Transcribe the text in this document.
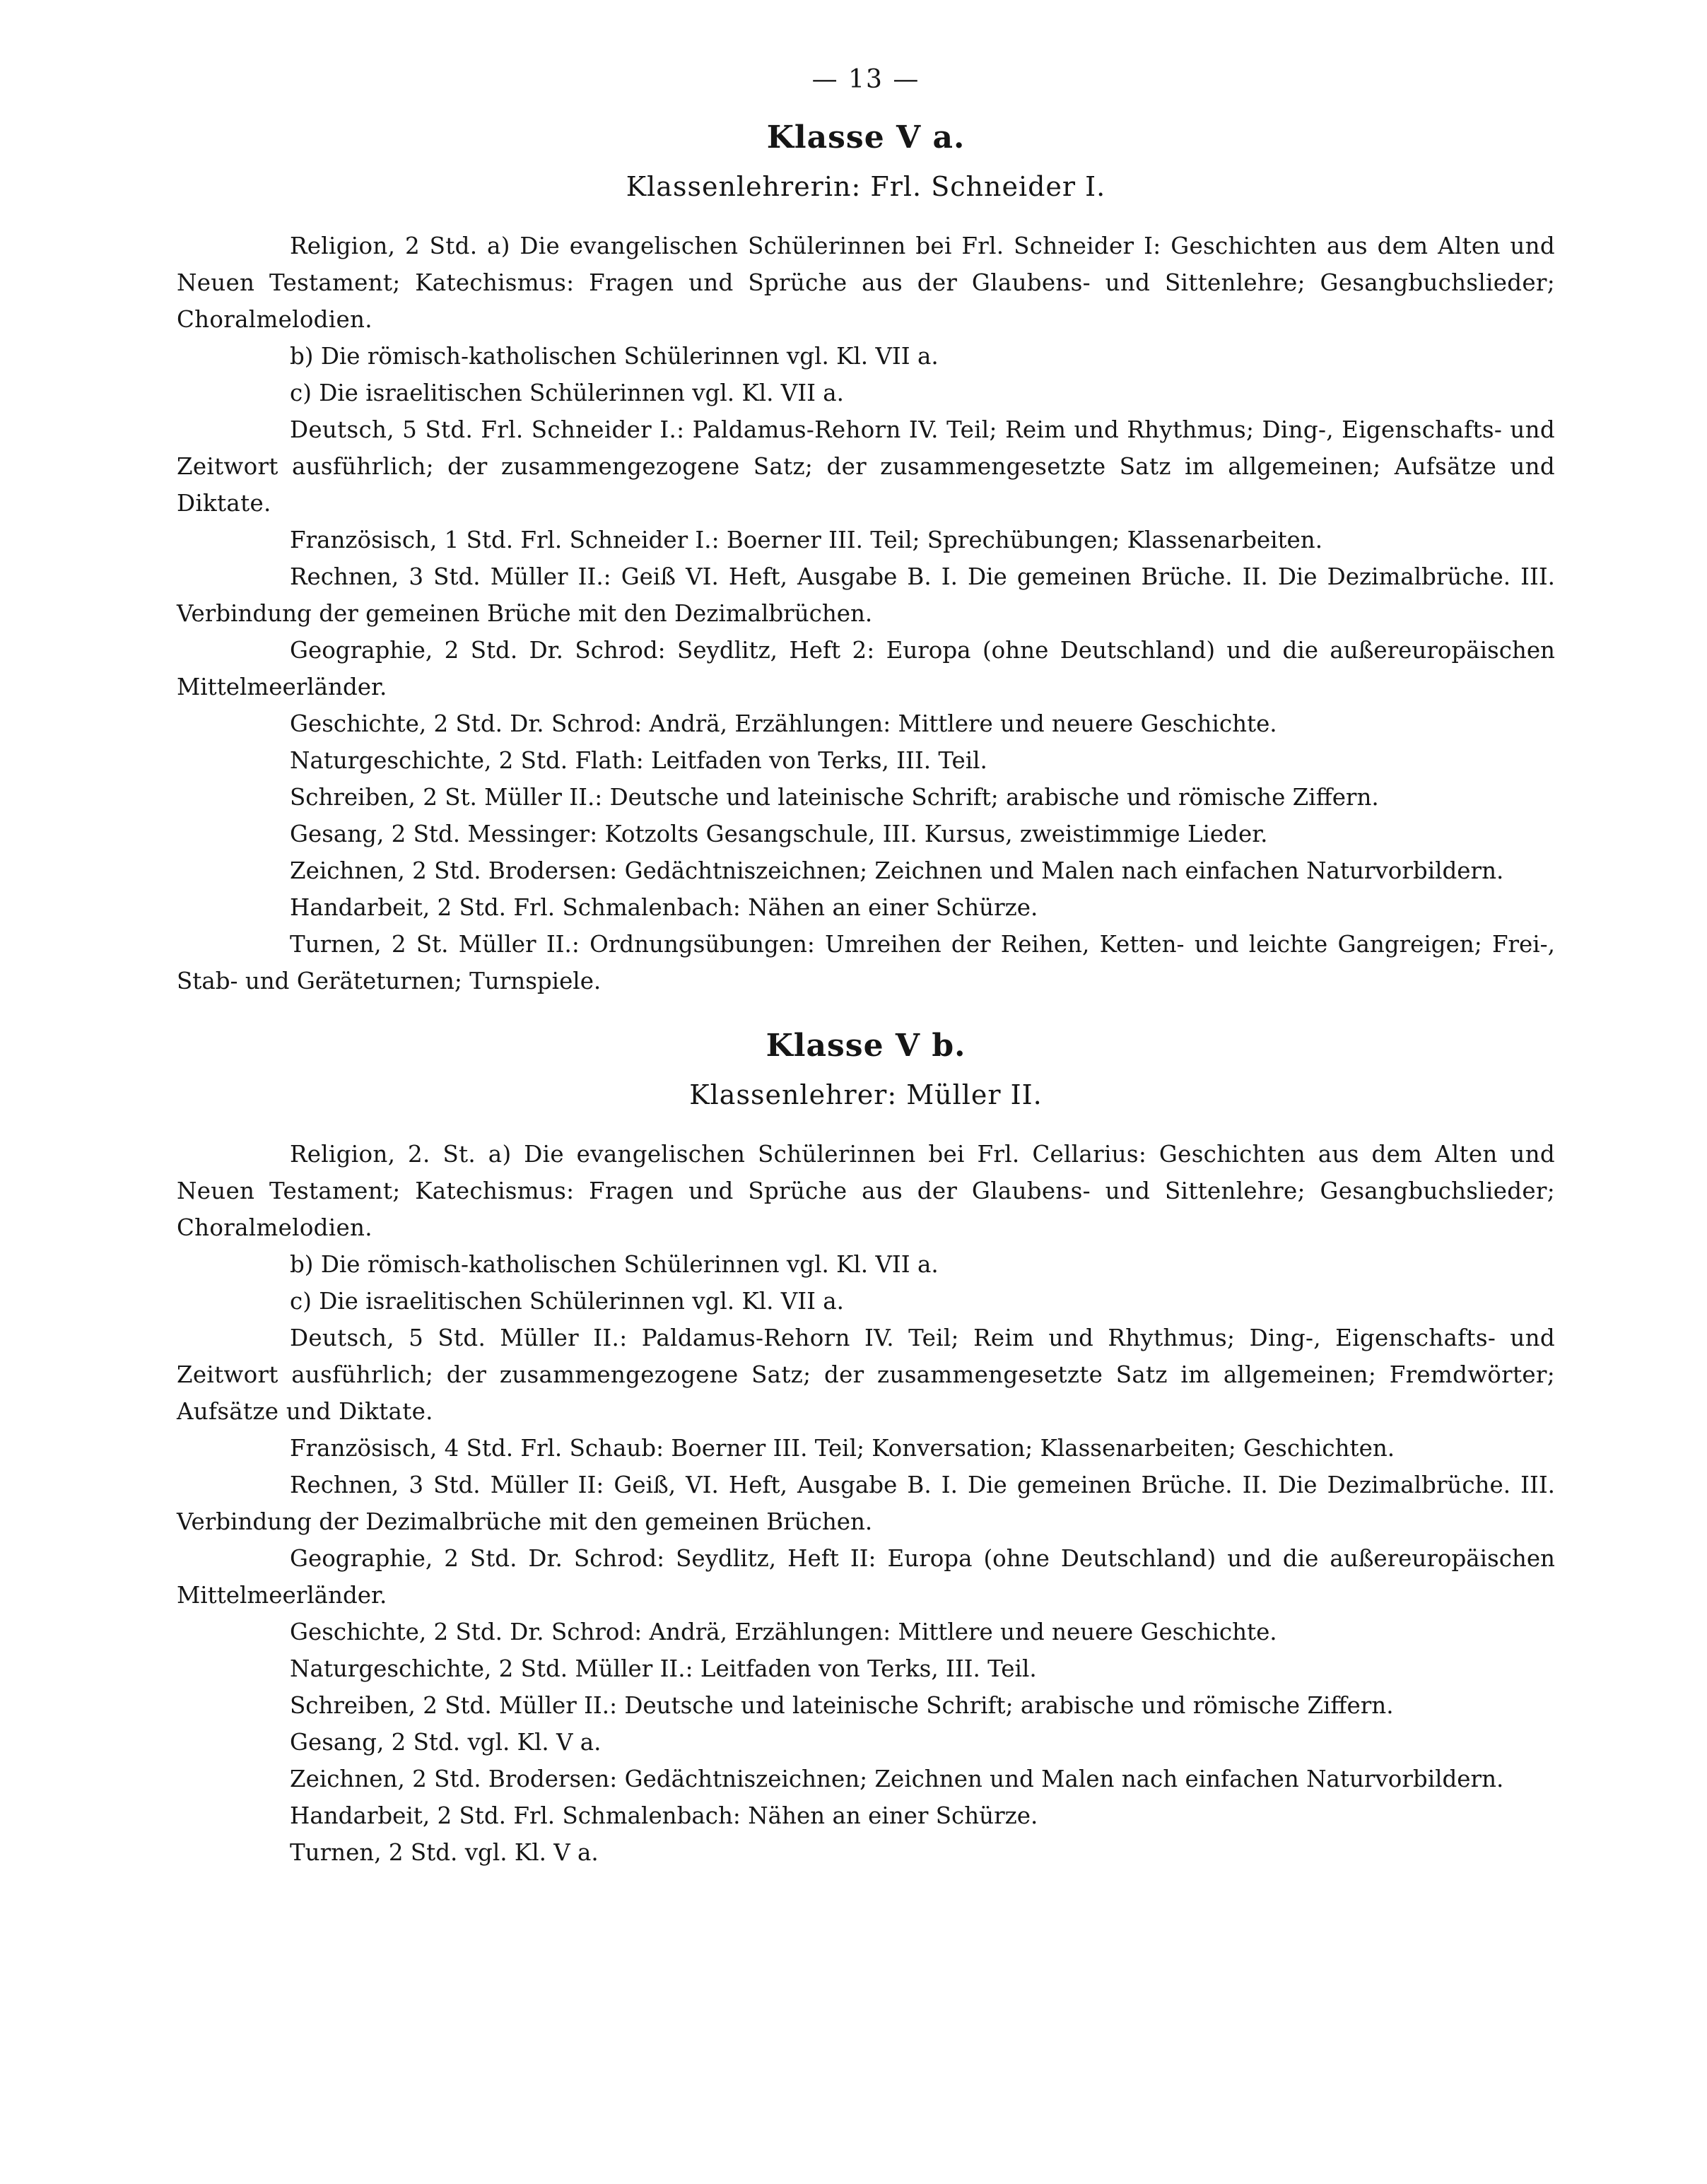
— 13 —
Klasse V a.
Klassenlehrerin: Frl. Schneider I.

Religion, 2 Std. a) Die evangelischen Schülerinnen bei Frl. Schneider I: Geschichten aus dem Alten und Neuen Testament; Katechismus: Fragen und Sprüche aus der Glaubens- und Sittenlehre; Gesangbuchslieder; Choralmelodien.

b) Die römisch-katholischen Schülerinnen vgl. Kl. VII a.

c) Die israelitischen Schülerinnen vgl. Kl. VII a.

Deutsch, 5 Std. Frl. Schneider I.: Paldamus-Rehorn IV. Teil; Reim und Rhythmus; Ding-, Eigenschafts- und Zeitwort ausführlich; der zusammengezogene Satz; der zusammengesetzte Satz im allgemeinen; Aufsätze und Diktate.

Französisch, 1 Std. Frl. Schneider I.: Boerner III. Teil; Sprechübungen; Klassenarbeiten.

Rechnen, 3 Std. Müller II.: Geiß VI. Heft, Ausgabe B. I. Die gemeinen Brüche. II. Die Dezimalbrüche. III. Verbindung der gemeinen Brüche mit den Dezimalbrüchen.

Geographie, 2 Std. Dr. Schrod: Seydlitz, Heft 2: Europa (ohne Deutschland) und die außereuropäischen Mittelmeerländer.

Geschichte, 2 Std. Dr. Schrod: Andrä, Erzählungen: Mittlere und neuere Geschichte.

Naturgeschichte, 2 Std. Flath: Leitfaden von Terks, III. Teil.

Schreiben, 2 St. Müller II.: Deutsche und lateinische Schrift; arabische und römische Ziffern.

Gesang, 2 Std. Messinger: Kotzolts Gesangschule, III. Kursus, zweistimmige Lieder.

Zeichnen, 2 Std. Brodersen: Gedächtniszeichnen; Zeichnen und Malen nach einfachen Naturvorbildern.

Handarbeit, 2 Std. Frl. Schmalenbach: Nähen an einer Schürze.

Turnen, 2 St. Müller II.: Ordnungsübungen: Umreihen der Reihen, Ketten- und leichte Gangreigen; Frei-, Stab- und Geräteturnen; Turnspiele.

Klasse V b.
Klassenlehrer: Müller II.

Religion, 2. St. a) Die evangelischen Schülerinnen bei Frl. Cellarius: Geschichten aus dem Alten und Neuen Testament; Katechismus: Fragen und Sprüche aus der Glaubens- und Sittenlehre; Gesangbuchslieder; Choralmelodien.

b) Die römisch-katholischen Schülerinnen vgl. Kl. VII a.

c) Die israelitischen Schülerinnen vgl. Kl. VII a.

Deutsch, 5 Std. Müller II.: Paldamus-Rehorn IV. Teil; Reim und Rhythmus; Ding-, Eigenschafts- und Zeitwort ausführlich; der zusammengezogene Satz; der zusammengesetzte Satz im allgemeinen; Fremdwörter; Aufsätze und Diktate.

Französisch, 4 Std. Frl. Schaub: Boerner III. Teil; Konversation; Klassenarbeiten; Geschichten.

Rechnen, 3 Std. Müller II: Geiß, VI. Heft, Ausgabe B. I. Die gemeinen Brüche. II. Die Dezimalbrüche. III. Verbindung der Dezimalbrüche mit den gemeinen Brüchen.

Geographie, 2 Std. Dr. Schrod: Seydlitz, Heft II: Europa (ohne Deutschland) und die außereuropäischen Mittelmeerländer.

Geschichte, 2 Std. Dr. Schrod: Andrä, Erzählungen: Mittlere und neuere Geschichte.

Naturgeschichte, 2 Std. Müller II.: Leitfaden von Terks, III. Teil.

Schreiben, 2 Std. Müller II.: Deutsche und lateinische Schrift; arabische und römische Ziffern.

Gesang, 2 Std. vgl. Kl. V a.

Zeichnen, 2 Std. Brodersen: Gedächtniszeichnen; Zeichnen und Malen nach einfachen Naturvorbildern.

Handarbeit, 2 Std. Frl. Schmalenbach: Nähen an einer Schürze.

Turnen, 2 Std. vgl. Kl. V a.
